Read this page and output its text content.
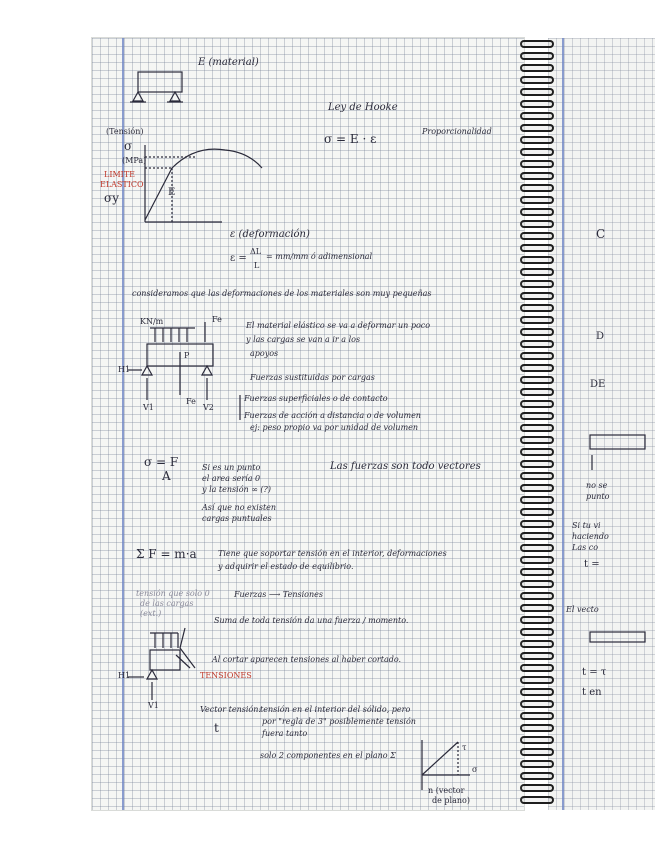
E (material)
Ley de Hooke
σ = E · ε
Proporcionalidad
(Tensión)
σ
(MPa)
LIMITE
ELASTICO
σy	E
ε (deformación)
ε =
ΔL
L
= mm/mm ó adimensional
consideramos que las deformaciones de los materiales son muy pequeñas
KN/m	Fe
P
Fe
H1
V1	V2
El material elástico se va a deformar un poco
y las cargas se van a ir a los
apoyos
Fuerzas sustituidas por cargas
Fuerzas superficiales o de contacto
Fuerzas de acción a distancia o de volumen
ej: peso propio va por unidad de volumen
σ = F
A
Si es un punto
el area sería 0
y la tensión ∞ (?)
Así que no existen
cargas puntuales
Las fuerzas son todo vectores
Σ F = m·a	Tiene que soportar tensión en el interior, deformaciones
y adquirir el estado de equilibrio.
tensión que solo 0
de las cargas
(ext.)
Fuerzas ⟶ Tensiones
Suma de toda tensión da una fuerza / momento.
Al cortar aparecen tensiones al haber cortado.
TENSIONES
H1
V1	Vector tensión:
tensión en el interior del sólido, pero
por "regla de 3" posiblemente tensión
fuera tanto
t
solo 2 componentes en el plano Σ
τ
σ
n (vector
de plano)
C
D
DE
no se
punto
Si tu vi
haciendo
Las co
t =
El vecto
t = τ
t en
